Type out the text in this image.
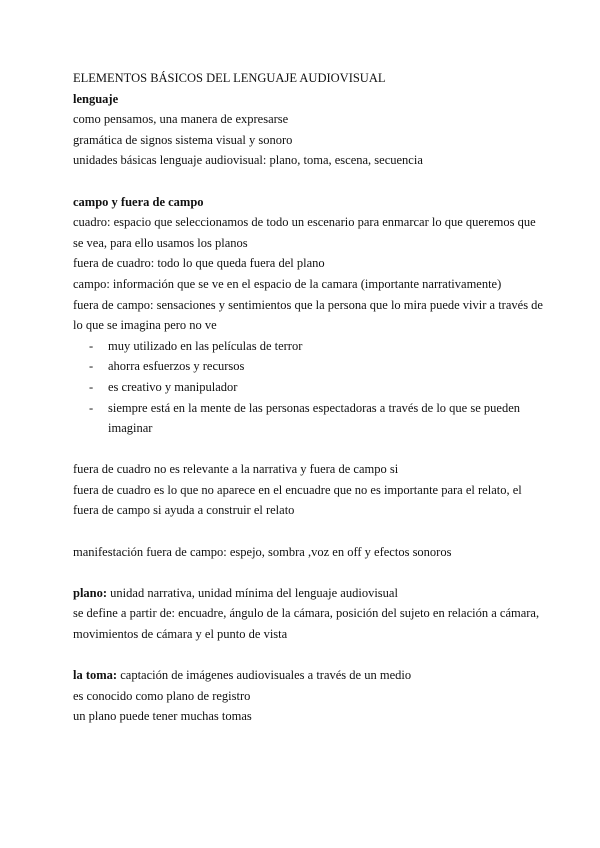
ELEMENTOS BÁSICOS DEL LENGUAJE AUDIOVISUAL
lenguaje
como pensamos, una manera de expresarse
gramática de signos sistema visual y sonoro
unidades básicas lenguaje audiovisual: plano, toma, escena, secuencia
campo y fuera de campo
cuadro: espacio que seleccionamos de todo un escenario para enmarcar lo que queremos que
se vea, para ello usamos los planos
fuera de cuadro: todo lo que queda fuera del plano
campo: información que se ve en el espacio de la camara (importante narrativamente)
fuera de campo: sensaciones y sentimientos que la persona que lo mira puede vivir a través de
lo que se imagina pero no ve
- muy utilizado en las películas de terror
- ahorra esfuerzos y recursos
- es creativo y manipulador
- siempre está en la mente de las personas espectadoras a través de lo que se pueden imaginar
fuera de cuadro no es relevante a la narrativa y fuera de campo si
fuera de cuadro es lo que no aparece en el encuadre que no es importante para el relato, el
fuera de campo si ayuda a construir el relato
manifestación fuera de campo: espejo, sombra ,voz en off y efectos sonoros
plano: unidad narrativa, unidad mínima del lenguaje audiovisual
se define a partir de: encuadre, ángulo de la cámara, posición del sujeto en relación a cámara,
movimientos de cámara y el punto de vista
la toma: captación de imágenes audiovisuales a través de un medio
es conocido como plano de registro
un plano puede tener muchas tomas
